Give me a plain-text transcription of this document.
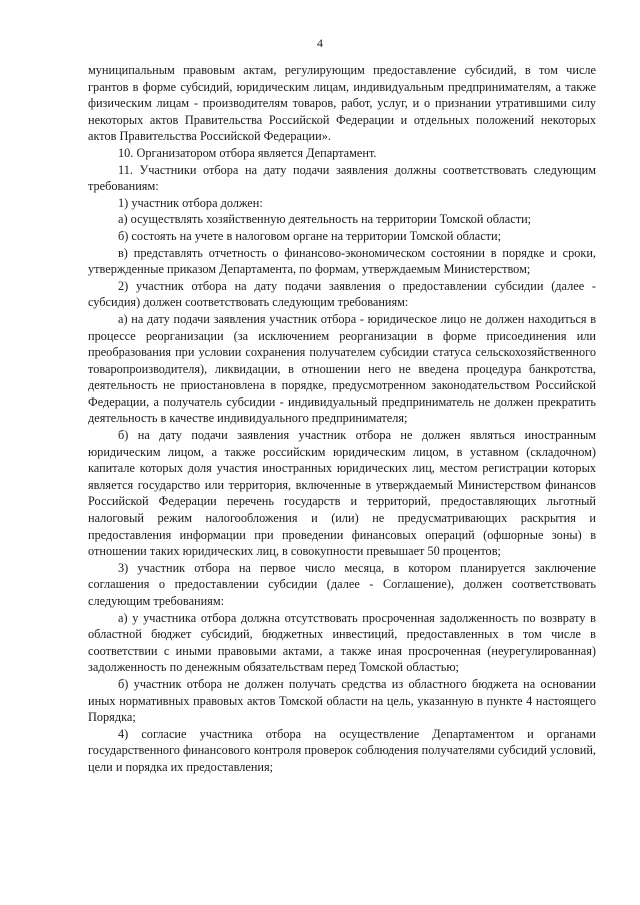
4

муниципальным правовым актам, регулирующим предоставление субсидий, в том числе грантов в форме субсидий, юридическим лицам, индивидуальным предпринимателям, а также физическим лицам - производителям товаров, работ, услуг, и о признании утратившими силу некоторых актов Правительства Российской Федерации и отдельных положений некоторых актов Правительства Российской Федерации».

10. Организатором отбора является Департамент.

11. Участники отбора на дату подачи заявления должны соответствовать следующим требованиям:

1) участник отбора должен:

а) осуществлять хозяйственную деятельность на территории Томской области;

б) состоять на учете в налоговом органе на территории Томской области;

в) представлять отчетность о финансово-экономическом состоянии в порядке и сроки, утвержденные приказом Департамента, по формам, утверждаемым Министерством;

2) участник отбора на дату подачи заявления о предоставлении субсидии (далее - субсидия) должен соответствовать следующим требованиям:

а) на дату подачи заявления участник отбора - юридическое лицо не должен находиться в процессе реорганизации (за исключением реорганизации в форме присоединения или преобразования при условии сохранения получателем субсидии статуса сельскохозяйственного товаропроизводителя), ликвидации, в отношении него не введена процедура банкротства, деятельность не приостановлена в порядке, предусмотренном законодательством Российской Федерации, а получатель субсидии - индивидуальный предприниматель не должен прекратить деятельность в качестве индивидуального предпринимателя;

б) на дату подачи заявления участник отбора не должен являться иностранным юридическим лицом, а также российским юридическим лицом, в уставном (складочном) капитале которых доля участия иностранных юридических лиц, местом регистрации которых является государство или территория, включенные в утверждаемый Министерством финансов Российской Федерации перечень государств и территорий, предоставляющих льготный налоговый режим налогообложения и (или) не предусматривающих раскрытия и предоставления информации при проведении финансовых операций (офшорные зоны) в отношении таких юридических лиц, в совокупности превышает 50 процентов;

3) участник отбора на первое число месяца, в котором планируется заключение соглашения о предоставлении субсидии (далее - Соглашение), должен соответствовать следующим требованиям:

а) у участника отбора должна отсутствовать просроченная задолженность по возврату в областной бюджет субсидий, бюджетных инвестиций, предоставленных в том числе в соответствии с иными правовыми актами, а также иная просроченная (неурегулированная) задолженность по денежным обязательствам перед Томской областью;

б) участник отбора не должен получать средства из областного бюджета на основании иных нормативных правовых актов Томской области на цель, указанную в пункте 4 настоящего Порядка;

4) согласие участника отбора на осуществление Департаментом и органами государственного финансового контроля проверок соблюдения получателями субсидий условий, цели и порядка их предоставления;
